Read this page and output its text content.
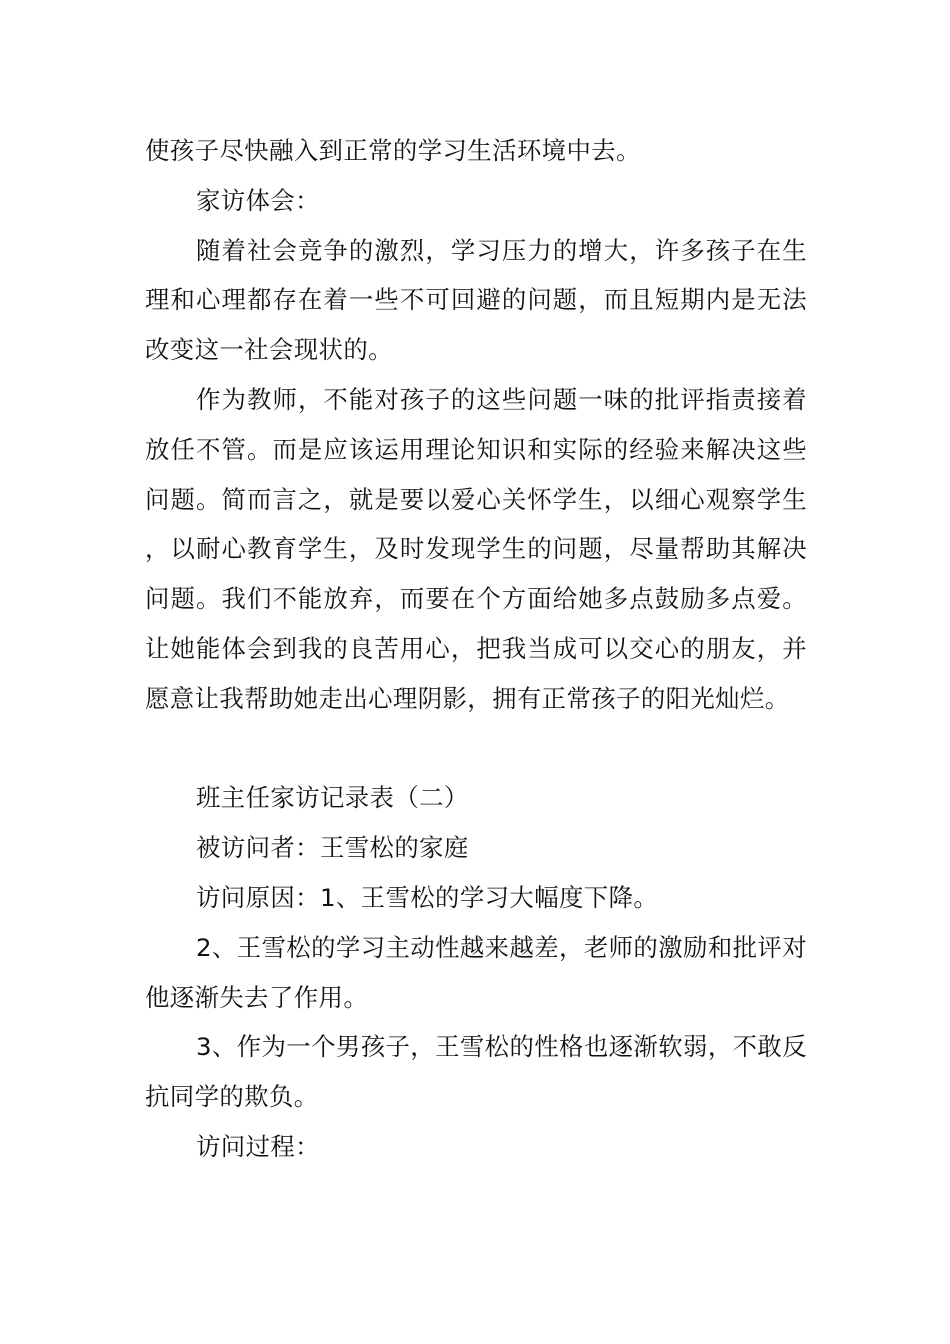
使孩子尽快融入到正常的学习生活环境中去。

家访体会：

随着社会竞争的激烈，学习压力的增大，许多孩子在生理和心理都存在着一些不可回避的问题，而且短期内是无法改变这一社会现状的。

作为教师，不能对孩子的这些问题一味的批评指责接着放任不管。而是应该运用理论知识和实际的经验来解决这些问题。简而言之，就是要以爱心关怀学生，以细心观察学生，以耐心教育学生，及时发现学生的问题，尽量帮助其解决问题。我们不能放弃，而要在个方面给她多点鼓励多点爱。让她能体会到我的良苦用心，把我当成可以交心的朋友，并愿意让我帮助她走出心理阴影，拥有正常孩子的阳光灿烂。

班主任家访记录表（二）

被访问者：王雪松的家庭

访问原因：1、王雪松的学习大幅度下降。

2、王雪松的学习主动性越来越差，老师的激励和批评对他逐渐失去了作用。

3、作为一个男孩子，王雪松的性格也逐渐软弱，不敢反抗同学的欺负。

访问过程：
